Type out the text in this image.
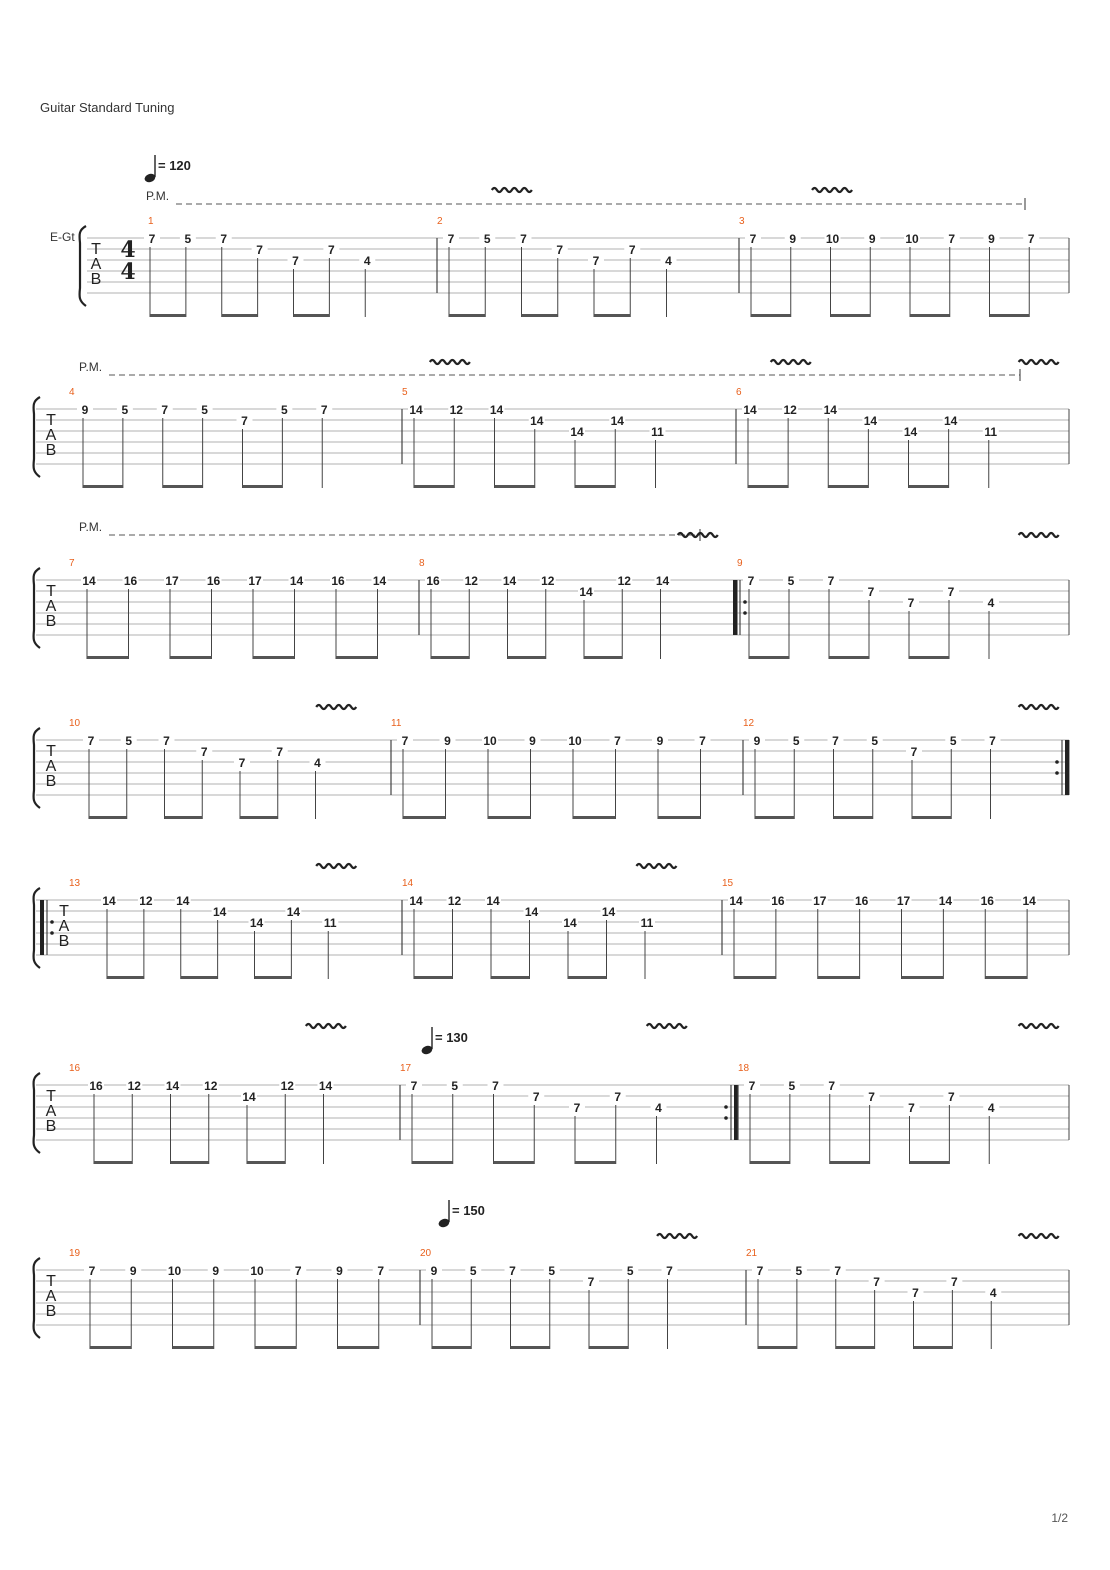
Guitar Standard Tuning
T
A
B
1
4
4
7 5 7
7
7
7
4
2
7 5 7
7
7
7
4
3
7	9 10 9 10 7	9	7
E-Gt
P.M.
T
A
B
4
9	5	7	5
7
5	7
5
14 12 14
14
14
14
11
6
14 12 14
14
14
14
11
P.M.
T
A
B
7
14 16 17 16 17 14 16 14
8
16 12 14 12
14
12 14
9
7	5	7
7
7
7
4
P.M.
T
A
B
10
7	5	7
7
7
7
4
11
7	9	10	9	10	7	9	7
12
9	5	7	5
7
5	7
T
A
B
13
14 12 14
14
14
14
11
14
14 12 14
14
14
14
11
15
14 16 17 16 17 14 16 14
T
A
B
16
16 12 14 12
14
12 14
17
7	5	7
7
7
7
4
18
7	5	7
7
7
7
4
T
A
B
19
7	9	10	9	10	7	9	7
20
9	5	7	5
7
5	7
21
7	5	7
7
7
7
4
= 120
= 130
= 150
1/2
